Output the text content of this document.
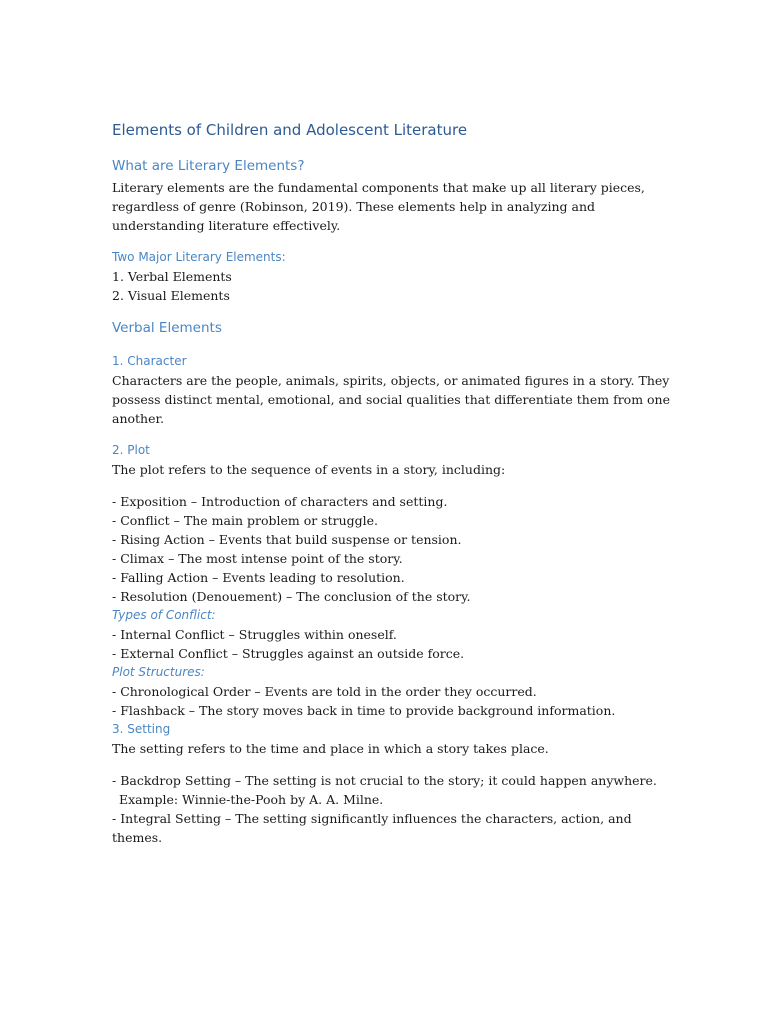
Elements of Children and Adolescent Literature
What are Literary Elements?

Literary elements are the fundamental components that make up all literary pieces, regardless of genre (Robinson, 2019). These elements help in analyzing and understanding literature effectively.

Two Major Literary Elements:
1. Verbal Elements
2. Visual Elements
Verbal Elements
1. Character

Characters are the people, animals, spirits, objects, or animated figures in a story. They possess distinct mental, emotional, and social qualities that differentiate them from one another.

2. Plot

The plot refers to the sequence of events in a story, including:

- Exposition – Introduction of characters and setting.
- Conflict – The main problem or struggle.
- Rising Action – Events that build suspense or tension.
- Climax – The most intense point of the story.
- Falling Action – Events leading to resolution.
- Resolution (Denouement) – The conclusion of the story.
Types of Conflict:
- Internal Conflict – Struggles within oneself.
- External Conflict – Struggles against an outside force.
Plot Structures:
- Chronological Order – Events are told in the order they occurred.
- Flashback – The story moves back in time to provide background information.
3. Setting

The setting refers to the time and place in which a story takes place.

- Backdrop Setting – The setting is not crucial to the story; it could happen anywhere.

Example: Winnie-the-Pooh by A. A. Milne.

- Integral Setting – The setting significantly influences the characters, action, and themes.
